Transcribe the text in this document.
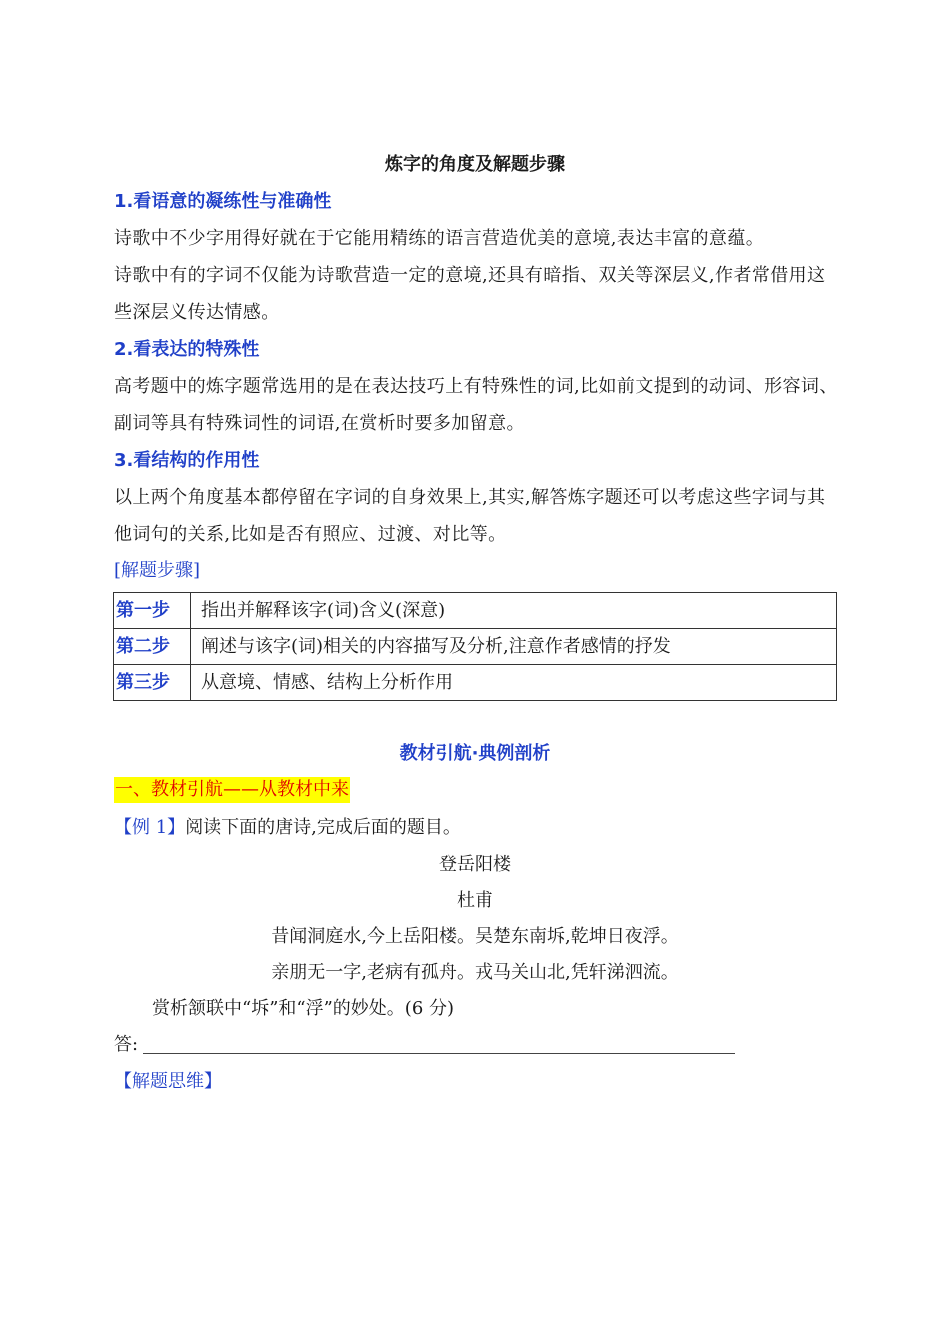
炼字的角度及解题步骤
1.看语意的凝练性与准确性
诗歌中不少字用得好就在于它能用精练的语言营造优美的意境,表达丰富的意蕴。
诗歌中有的字词不仅能为诗歌营造一定的意境,还具有暗指、双关等深层义,作者常借用这些深层义传达情感。
2.看表达的特殊性
高考题中的炼字题常选用的是在表达技巧上有特殊性的词,比如前文提到的动词、形容词、副词等具有特殊词性的词语,在赏析时要多加留意。
3.看结构的作用性
以上两个角度基本都停留在字词的自身效果上,其实,解答炼字题还可以考虑这些字词与其他词句的关系,比如是否有照应、过渡、对比等。
[解题步骤]
第一步	指出并解释该字(词)含义(深意)
第二步	阐述与该字(词)相关的内容描写及分析,注意作者感情的抒发
第三步	从意境、情感、结构上分析作用
教材引航·典例剖析
一、教材引航——从教材中来
【例 1】阅读下面的唐诗,完成后面的题目。
登岳阳楼
杜甫
昔闻洞庭水,今上岳阳楼。吴楚东南坼,乾坤日夜浮。
亲朋无一字,老病有孤舟。戎马关山北,凭轩涕泗流。
赏析颔联中“坼”和“浮”的妙处。(6 分)
答:
【解题思维】
